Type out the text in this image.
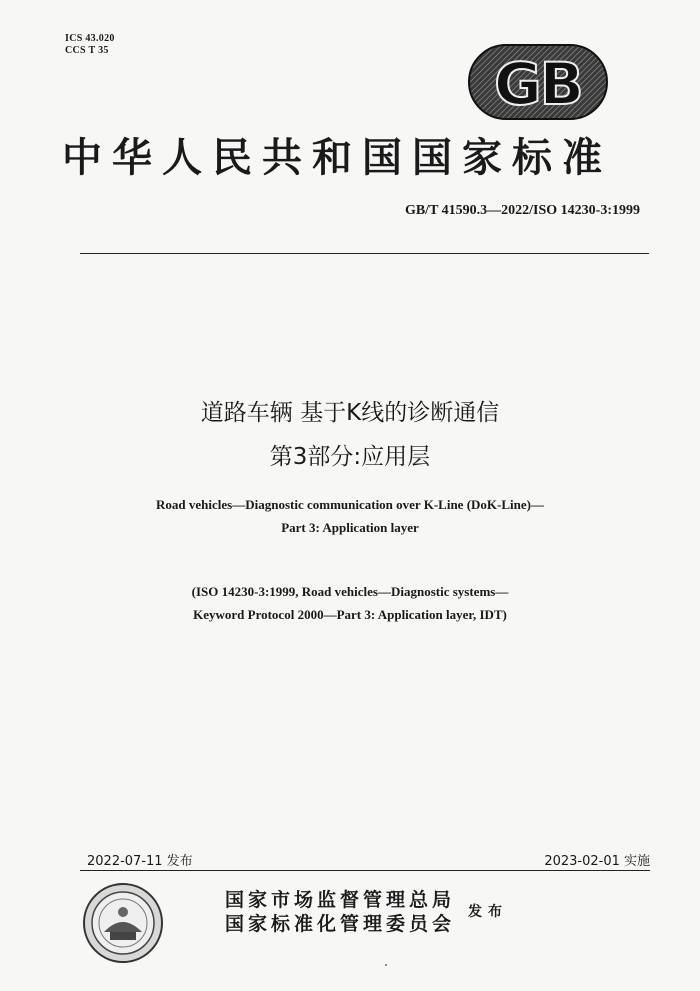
ICS 43.020
CCS T 35	GB
中华人民共和国国家标准
GB/T 41590.3—2022/ISO 14230-3:1999
道路车辆 基于K线的诊断通信
第3部分:应用层
Road vehicles—Diagnostic communication over K-Line (DoK-Line)—
Part 3: Application layer
(ISO 14230-3:1999, Road vehicles—Diagnostic systems—
Keyword Protocol 2000—Part 3: Application layer, IDT)
2022-07-11 发布	2023-02-01 实施
国家市场监督管理总局
国家标准化管理委员会
发布
